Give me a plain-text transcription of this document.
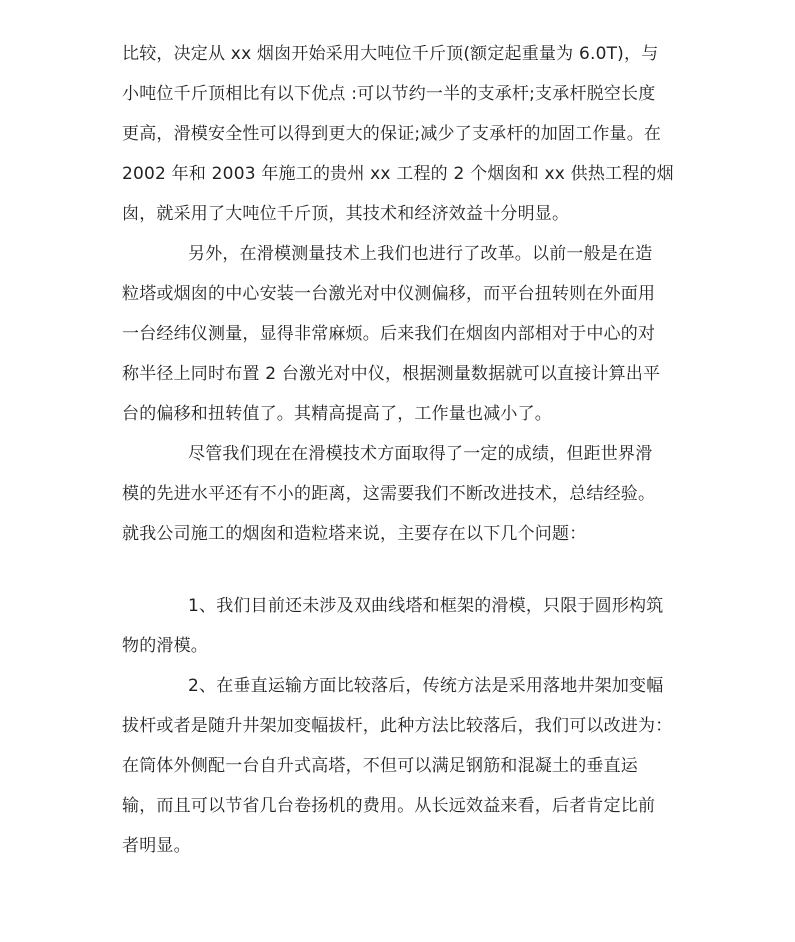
比较，决定从 xx 烟囱开始采用大吨位千斤顶(额定起重量为 6.0T)，与
小吨位千斤顶相比有以下优点 :可以节约一半的支承杆;支承杆脱空长度
更高，滑模安全性可以得到更大的保证;减少了支承杆的加固工作量。在
2002 年和 2003 年施工的贵州 xx 工程的 2 个烟囱和 xx 供热工程的烟
囱，就采用了大吨位千斤顶，其技术和经济效益十分明显。
另外，在滑模测量技术上我们也进行了改革。以前一般是在造
粒塔或烟囱的中心安装一台激光对中仪测偏移，而平台扭转则在外面用
一台经纬仪测量，显得非常麻烦。后来我们在烟囱内部相对于中心的对
称半径上同时布置 2 台激光对中仪，根据测量数据就可以直接计算出平
台的偏移和扭转值了。其精高提高了，工作量也减小了。
尽管我们现在在滑模技术方面取得了一定的成绩，但距世界滑
模的先进水平还有不小的距离，这需要我们不断改进技术，总结经验。
就我公司施工的烟囱和造粒塔来说，主要存在以下几个问题：
1、我们目前还未涉及双曲线塔和框架的滑模，只限于圆形构筑
物的滑模。
2、在垂直运输方面比较落后，传统方法是采用落地井架加变幅
拔杆或者是随升井架加变幅拔杆，此种方法比较落后，我们可以改进为：
在筒体外侧配一台自升式高塔，不但可以满足钢筋和混凝土的垂直运
输，而且可以节省几台卷扬机的费用。从长远效益来看，后者肯定比前
者明显。
